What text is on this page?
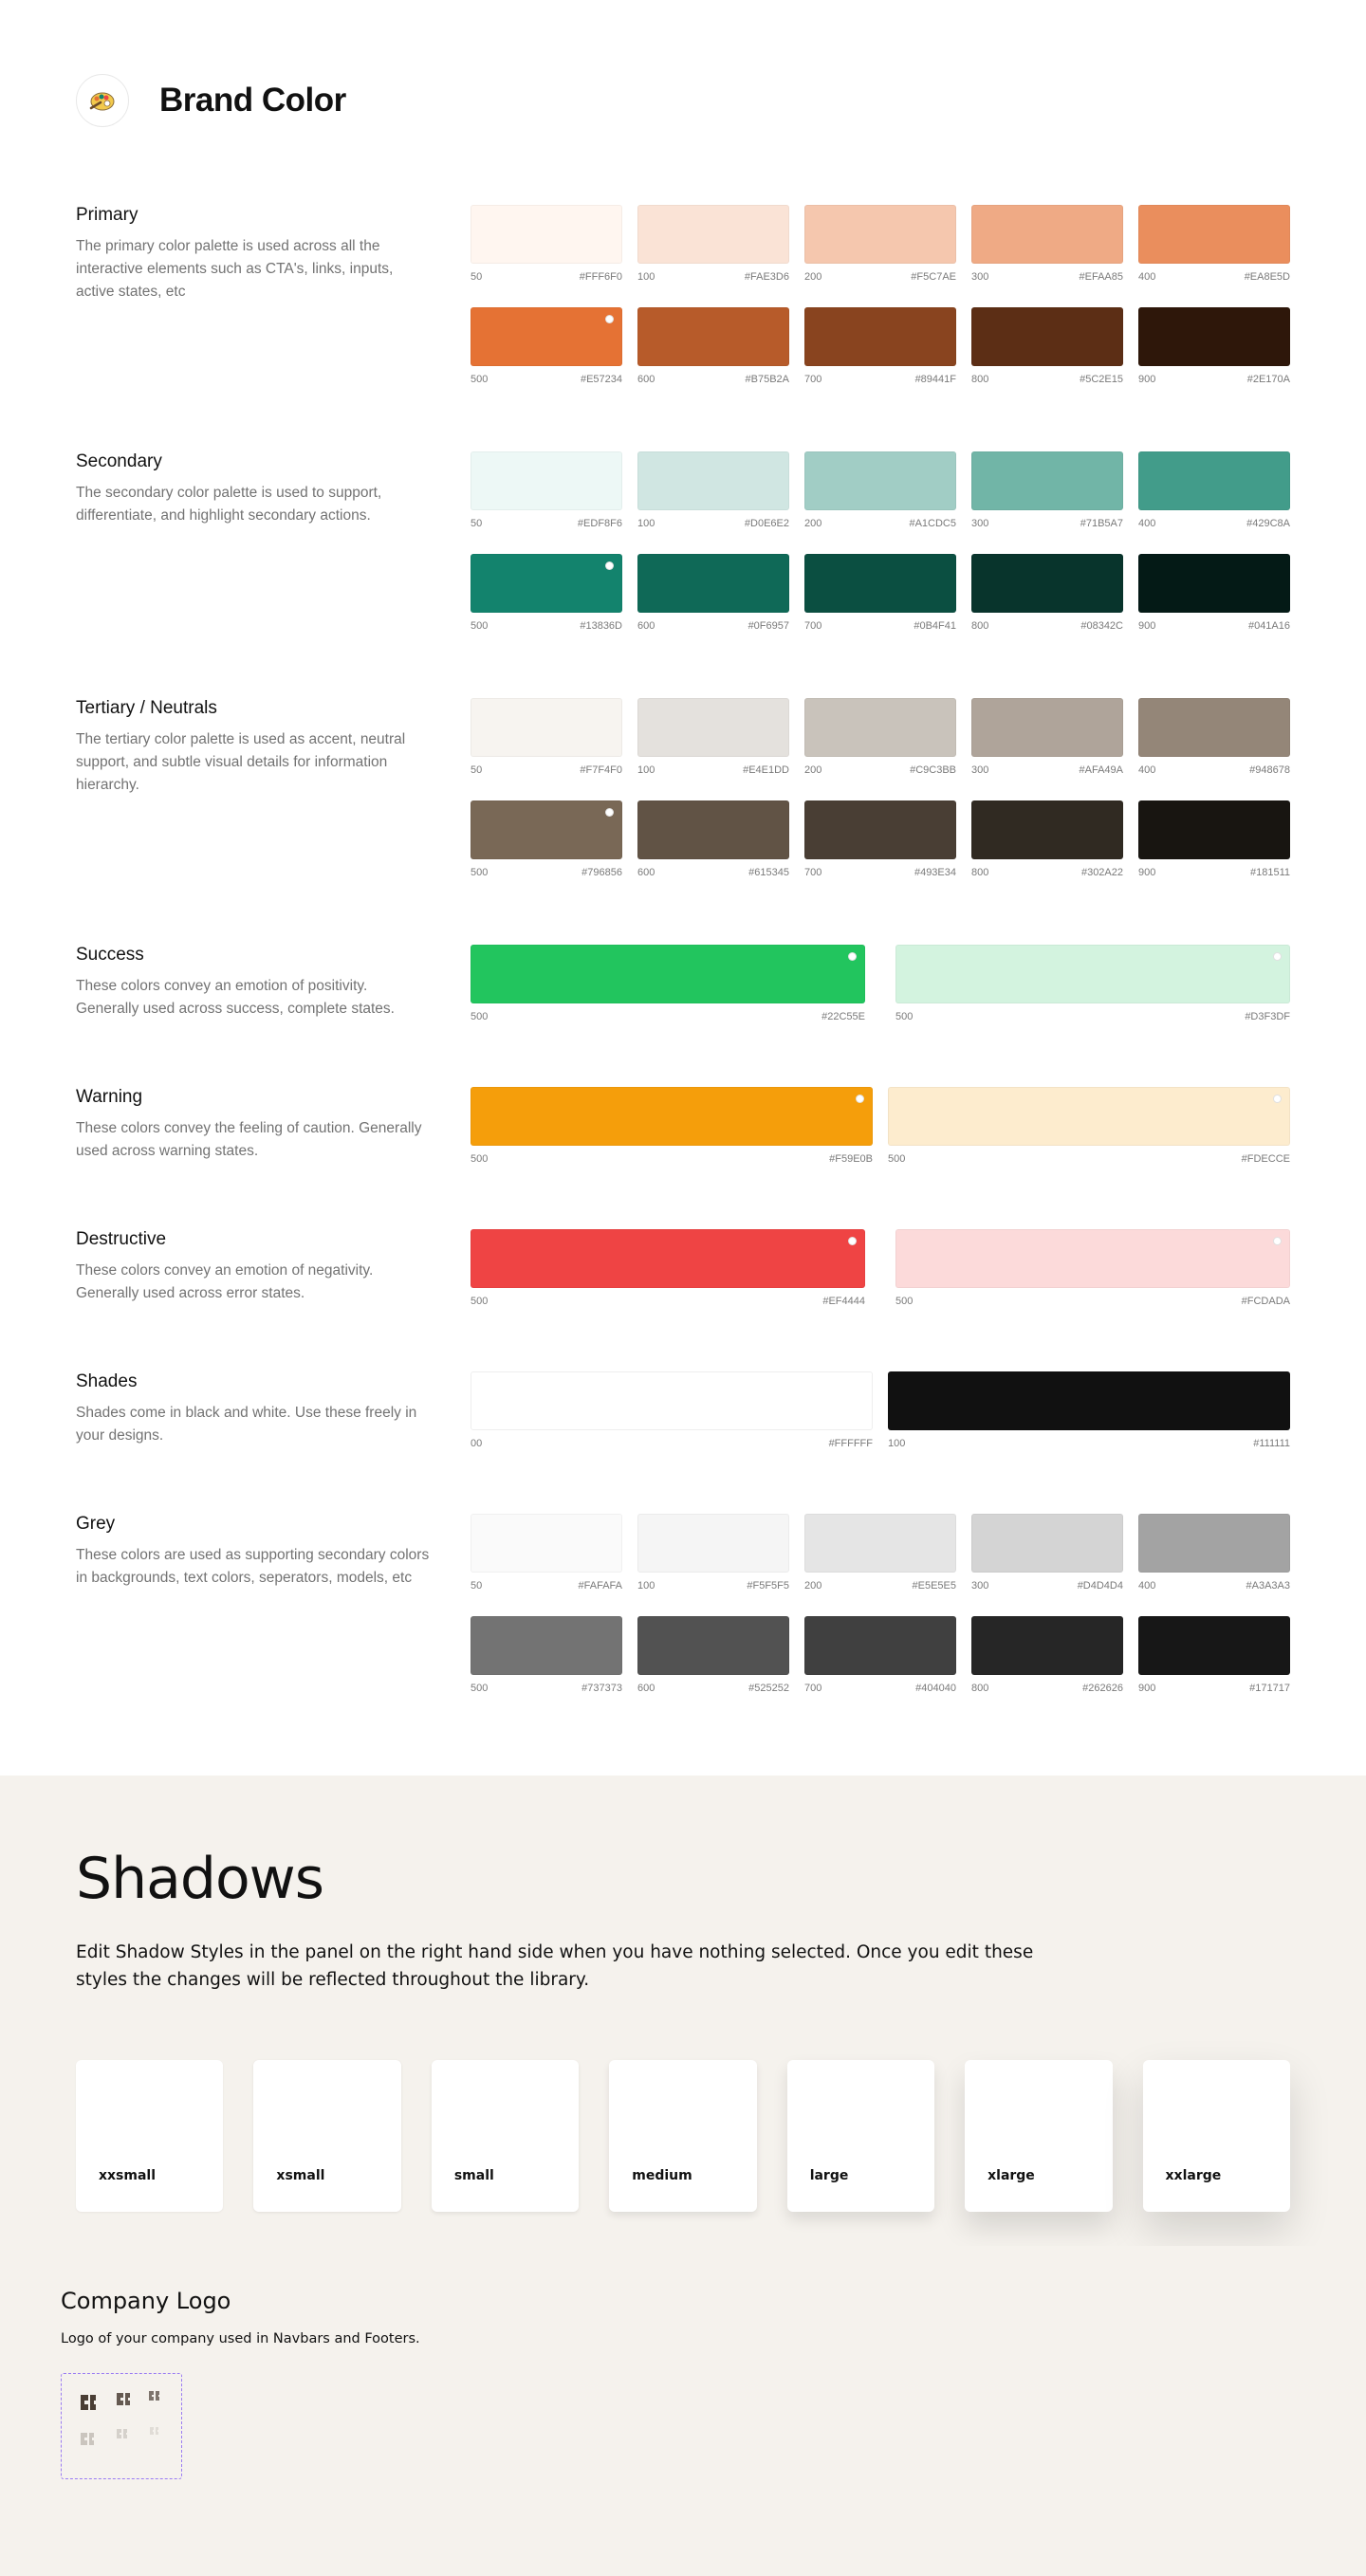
Brand Color
Primary

The primary color palette is used across all the interactive elements such as CTA's, links, inputs, active states, etc

50	#FFF6F0 100	#FAE3D6 200	#F5C7AE 300	#EFAA85 400	#EA8E5D
500	#E57234 600	#B75B2A 700	#89441F 800	#5C2E15 900	#2E170A
Secondary

The secondary color palette is used to support, differentiate, and highlight secondary actions.	50	#EDF8F6 100	#D0E6E2 200	#A1CDC5 300	#71B5A7 400	#429C8A
500	#13836D 600	#0F6957 700	#0B4F41 800	#08342C 900	#041A16
Tertiary / Neutrals

The tertiary color palette is used as accent, neutral support, and subtle visual details for information hierarchy.

50	#F7F4F0 100	#E4E1DD 200	#C9C3BB 300	#AFA49A 400	#948678
500	#796856 600	#615345 700	#493E34 800	#302A22 900	#181511
Success

These colors convey an emotion of positivity. Generally used across success, complete states.	500	#22C55E	500	#D3F3DF
Warning

These colors convey the feeling of caution. Generally used across warning states.	500	#F59E0B 500	#FDECCE
Destructive

These colors convey an emotion of negativity. Generally used across error states.	500	#EF4444	500	#FCDADA
Shades

Shades come in black and white. Use these freely in your designs.	00	#FFFFFF 100	#111111
Grey

These colors are used as supporting secondary colors in backgrounds, text colors, seperators, models, etc	50	#FAFAFA 100	#F5F5F5 200	#E5E5E5 300	#D4D4D4 400	#A3A3A3
500	#737373 600	#525252 700	#404040 800	#262626 900	#171717
Shadows
Edit Shadow Styles in the panel on the right hand side when you have nothing selected. Once you edit these styles the changes will be reflected throughout the library.
xxsmall	xsmall	small	medium	large	xlarge	xxlarge
Company Logo
Logo of your company used in Navbars and Footers.
